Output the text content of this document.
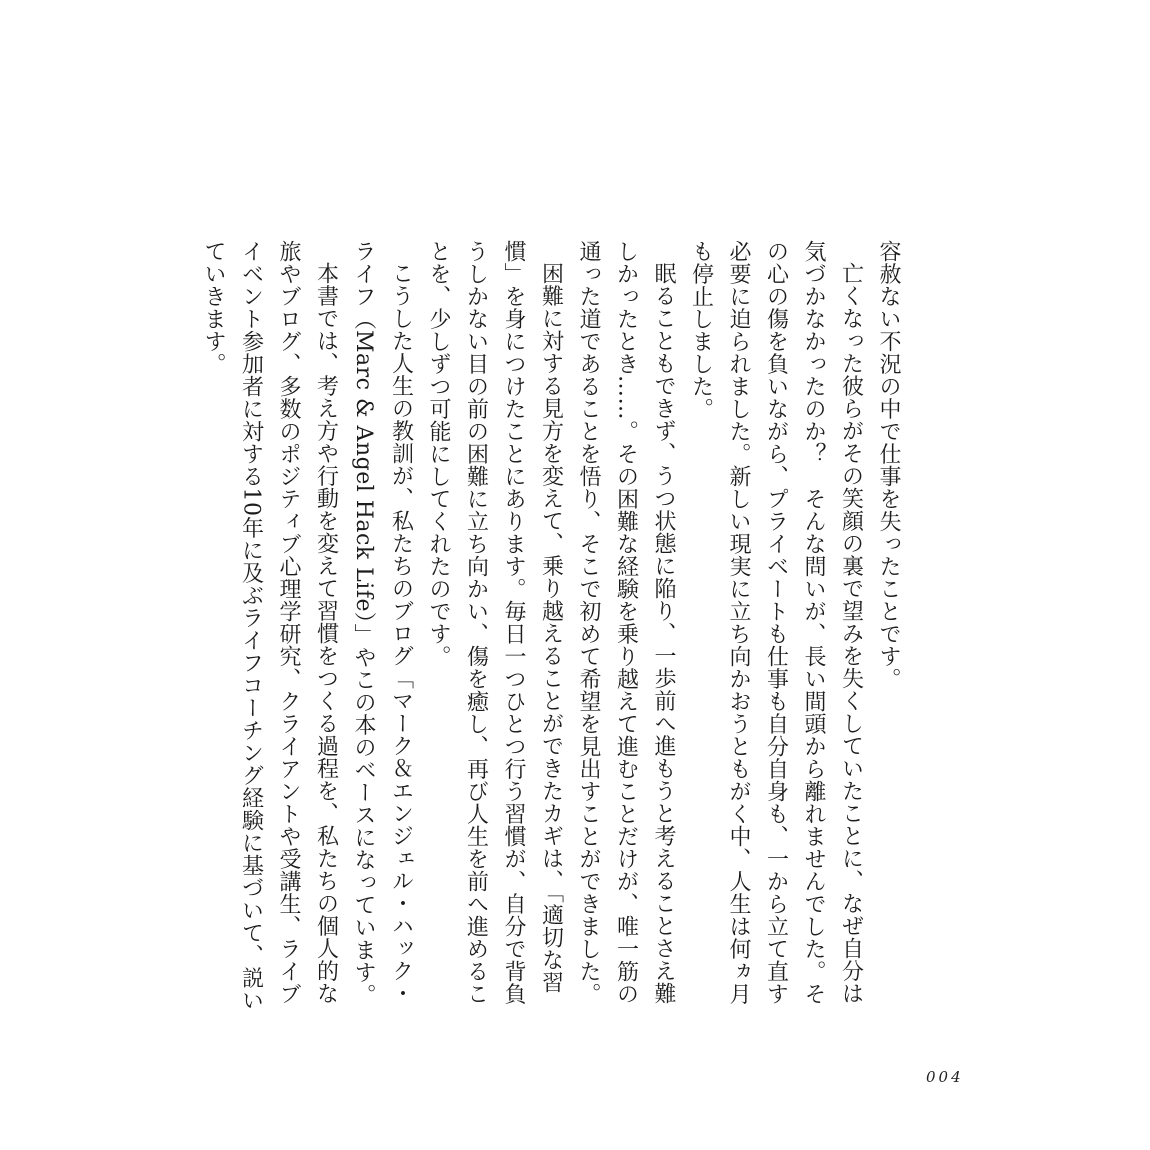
容赦ない不況の中で仕事を失ったことです。

亡くなった彼らがその笑顔の裏で望みを失くしていたことに、なぜ自分は気づかなかったのか？　そんな問いが、長い間頭から離れませんでした。その心の傷を負いながら、プライベートも仕事も自分自身も、一から立て直す必要に迫られました。新しい現実に立ち向かおうともがく中、人生は何ヵ月も停止しました。

眠ることもできず、うつ状態に陥り、一歩前へ進もうと考えることさえ難しかったとき……。その困難な経験を乗り越えて進むことだけが、唯一筋の通った道であることを悟り、そこで初めて希望を見出すことができました。

困難に対する見方を変えて、乗り越えることができたカギは、「適切な習慣」を身につけたことにあります。毎日一つひとつ行う習慣が、自分で背負うしかない目の前の困難に立ち向かい、傷を癒し、再び人生を前へ進めることを、少しずつ可能にしてくれたのです。

こうした人生の教訓が、私たちのブログ「マーク＆エンジェル・ハック・ライフ（Marc & Angel Hack Life）」やこの本のベースになっています。

本書では、考え方や行動を変えて習慣をつくる過程を、私たちの個人的な旅やブログ、多数のポジティブ心理学研究、クライアントや受講生、ライブイベント参加者に対する10年に及ぶライフコーチング経験に基づいて、説いていきます。

004
